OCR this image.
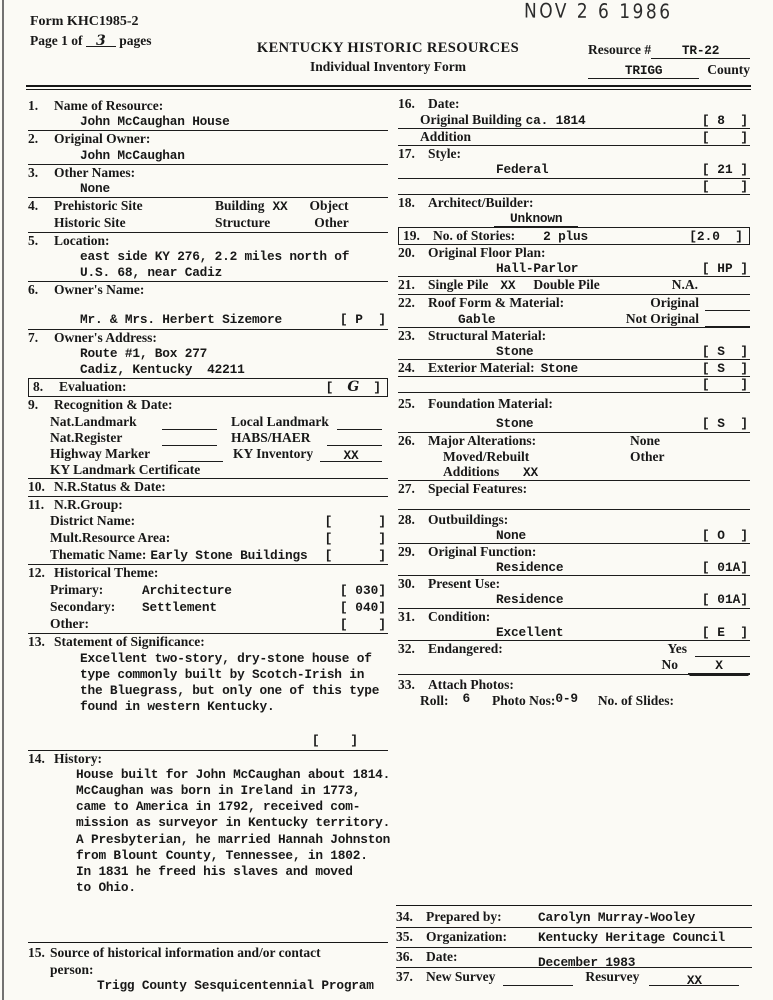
Form KHC1985-2
Page 1 of 3 pages	KENTUCKY HISTORIC RESOURCES
Individual Inventory Form
NOV 2 6 1986
Resource #	TR-22
TRIGG	County
1.	Name of Resource:
John McCaughan House
2.	Original Owner:
John McCaughan
3.	Other Names:
None
4.	Prehistoric Site	Building XX	Object
Historic Site	Structure	Other
5.	Location:
east side KY 276, 2.2 miles north of
U.S. 68, near Cadiz
6.	Owner's Name:
Mr. & Mrs. Herbert Sizemore	[ P  ]
7.	Owner's Address:
Route #1, Box 277
Cadiz, Kentucky  42211
8.	Evaluation:	[ G ]
9.	Recognition & Date:
Nat.Landmark	Local Landmark
Nat.Register	HABS/HAER
Highway Marker	KY Inventory	XX
KY Landmark Certificate
10. N.R.Status & Date:
11. N.R.Group:
District Name:	[      ]
Mult.Resource Area:	[      ]
Thematic Name: Early Stone Buildings [      ]
12. Historical Theme:
Primary:	Architecture	[ 030]
Secondary:	Settlement	[ 040]
Other:	[    ]
13. Statement of Significance:
Excellent two-story, dry-stone house of
type commonly built by Scotch-Irish in
the Bluegrass, but only one of this type
found in western Kentucky.
[    ]
14. History:
House built for John McCaughan about 1814.
McCaughan was born in Ireland in 1773,
came to America in 1792, received com-
mission as surveyor in Kentucky territory.
A Presbyterian, he married Hannah Johnston
from Blount County, Tennessee, in 1802.
In 1831 he freed his slaves and moved
to Ohio.
15. Source of historical information and/or contact
person:
Trigg County Sesquicentennial Program
16. Date:
Original Building ca. 1814	[ 8  ]
Addition	[    ]
17. Style:
Federal	[ 21 ]
[    ]
18. Architect/Builder:
Unknown
19. No. of Stories:	2 plus	[2.0  ]
20. Original Floor Plan:
Hall-Parlor	[ HP ]
21. Single Pile XX	Double Pile	N.A.
22. Roof Form & Material:	Original
Gable	Not Original
23. Structural Material:
Stone	[ S  ]
24. Exterior Material: Stone	[ S  ]
[    ]
25. Foundation Material:
Stone	[ S  ]
26. Major Alterations:	None
Moved/Rebuilt	Other
Additions	XX
27. Special Features:
28. Outbuildings:
None	[ O  ]
29. Original Function:
Residence	[ 01A]
30. Present Use:
Residence	[ 01A]
31. Condition:
Excellent	[ E  ]
32. Endangered:	Yes
No	X
33. Attach Photos:
Roll:	6	Photo Nos: 0-9	No. of Slides:
34. Prepared by:	Carolyn Murray-Wooley
35. Organization:	Kentucky Heritage Council
36. Date:	December 1983
37. New Survey	Resurvey	XX
